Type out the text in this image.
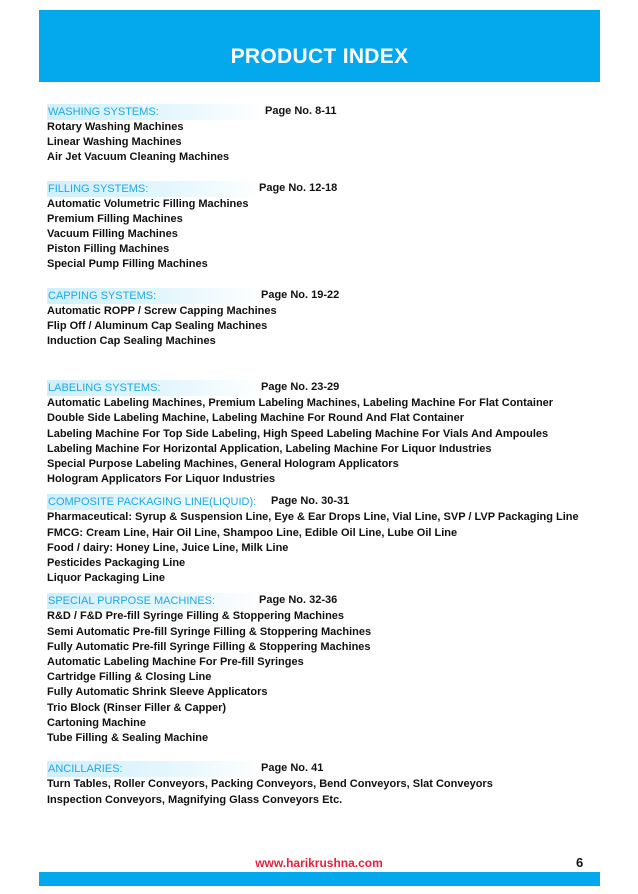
PRODUCT INDEX
WASHING SYSTEMS:	Page No. 8-11
Rotary Washing Machines
Linear Washing Machines
Air Jet Vacuum Cleaning Machines
FILLING SYSTEMS:	Page No. 12-18
Automatic Volumetric Filling Machines
Premium Filling Machines
Vacuum Filling Machines
Piston Filling Machines
Special Pump Filling Machines
CAPPING SYSTEMS:	Page No. 19-22
Automatic ROPP / Screw Capping Machines
Flip Off / Aluminum Cap Sealing Machines
Induction Cap Sealing Machines
LABELING SYSTEMS:	Page No. 23-29
Automatic Labeling Machines, Premium Labeling Machines, Labeling Machine For Flat Container
Double Side Labeling Machine, Labeling Machine For Round And Flat Container
Labeling Machine For Top Side Labeling, High Speed Labeling Machine For Vials And Ampoules
Labeling Machine For Horizontal Application, Labeling Machine For Liquor Industries
Special Purpose Labeling Machines, General Hologram Applicators
Hologram Applicators For Liquor Industries
COMPOSITE PACKAGING LINE(LIQUID): Page No. 30-31
Pharmaceutical: Syrup & Suspension Line, Eye & Ear Drops Line, Vial Line, SVP / LVP Packaging Line
FMCG: Cream Line, Hair Oil Line, Shampoo Line, Edible Oil Line, Lube Oil Line
Food / dairy: Honey Line, Juice Line, Milk Line
Pesticides Packaging Line
Liquor Packaging Line
SPECIAL PURPOSE MACHINES:	Page No. 32-36
R&D / F&D Pre-fill Syringe Filling & Stoppering Machines
Semi Automatic Pre-fill Syringe Filling & Stoppering Machines
Fully Automatic Pre-fill Syringe Filling & Stoppering Machines
Automatic Labeling Machine For Pre-fill Syringes
Cartridge Filling & Closing Line
Fully Automatic Shrink Sleeve Applicators
Trio Block (Rinser Filler & Capper)
Cartoning Machine
Tube Filling & Sealing Machine
ANCILLARIES:	Page No. 41
Turn Tables, Roller Conveyors, Packing Conveyors, Bend Conveyors, Slat Conveyors
Inspection Conveyors, Magnifying Glass Conveyors Etc.
www.harikrushna.com	6
